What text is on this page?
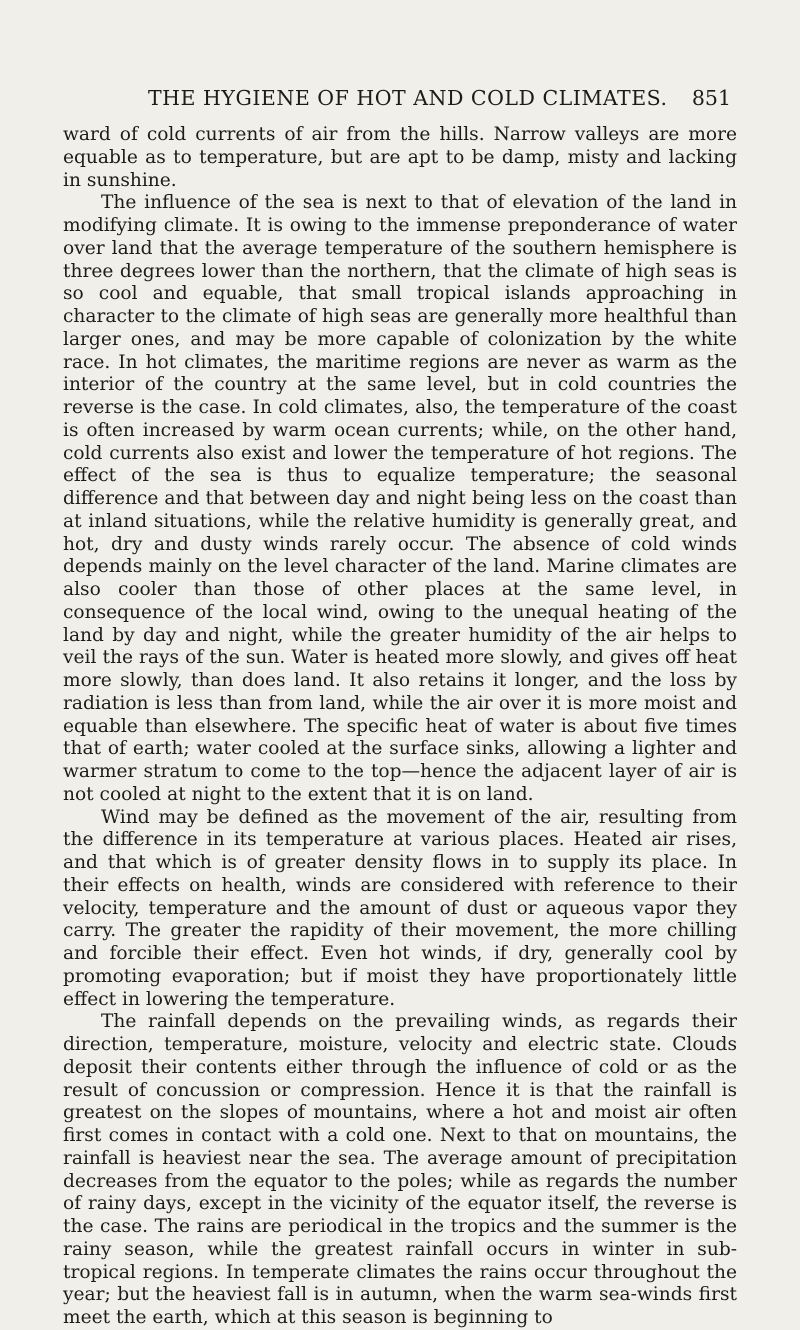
THE HYGIENE OF HOT AND COLD CLIMATES. 851

ward of cold currents of air from the hills. Narrow valleys are more equable as to temperature, but are apt to be damp, misty and lacking in sunshine.

The influence of the sea is next to that of elevation of the land in modifying climate. It is owing to the immense preponderance of water over land that the average temperature of the southern hemisphere is three degrees lower than the northern, that the climate of high seas is so cool and equable, that small tropical islands approaching in character to the climate of high seas are generally more healthful than larger ones, and may be more capable of colonization by the white race. In hot climates, the maritime regions are never as warm as the interior of the country at the same level, but in cold countries the reverse is the case. In cold climates, also, the temperature of the coast is often increased by warm ocean currents; while, on the other hand, cold currents also exist and lower the temperature of hot regions. The effect of the sea is thus to equalize temperature; the seasonal difference and that between day and night being less on the coast than at inland situations, while the relative humidity is generally great, and hot, dry and dusty winds rarely occur. The absence of cold winds depends mainly on the level character of the land. Marine climates are also cooler than those of other places at the same level, in consequence of the local wind, owing to the unequal heating of the land by day and night, while the greater humidity of the air helps to veil the rays of the sun. Water is heated more slowly, and gives off heat more slowly, than does land. It also retains it longer, and the loss by radiation is less than from land, while the air over it is more moist and equable than elsewhere. The specific heat of water is about five times that of earth; water cooled at the surface sinks, allowing a lighter and warmer stratum to come to the top—hence the adjacent layer of air is not cooled at night to the extent that it is on land.

Wind may be defined as the movement of the air, resulting from the difference in its temperature at various places. Heated air rises, and that which is of greater density flows in to supply its place. In their effects on health, winds are considered with reference to their velocity, temperature and the amount of dust or aqueous vapor they carry. The greater the rapidity of their movement, the more chilling and forcible their effect. Even hot winds, if dry, generally cool by promoting evaporation; but if moist they have proportionately little effect in lowering the temperature.

The rainfall depends on the prevailing winds, as regards their direction, temperature, moisture, velocity and electric state. Clouds deposit their contents either through the influence of cold or as the result of concussion or compression. Hence it is that the rainfall is greatest on the slopes of mountains, where a hot and moist air often first comes in contact with a cold one. Next to that on mountains, the rainfall is heaviest near the sea. The average amount of precipitation decreases from the equator to the poles; while as regards the number of rainy days, except in the vicinity of the equator itself, the reverse is the case. The rains are periodical in the tropics and the summer is the rainy season, while the greatest rainfall occurs in winter in sub-tropical regions. In temperate climates the rains occur throughout the year; but the heaviest fall is in autumn, when the warm sea-winds first meet the earth, which at this season is beginning to
